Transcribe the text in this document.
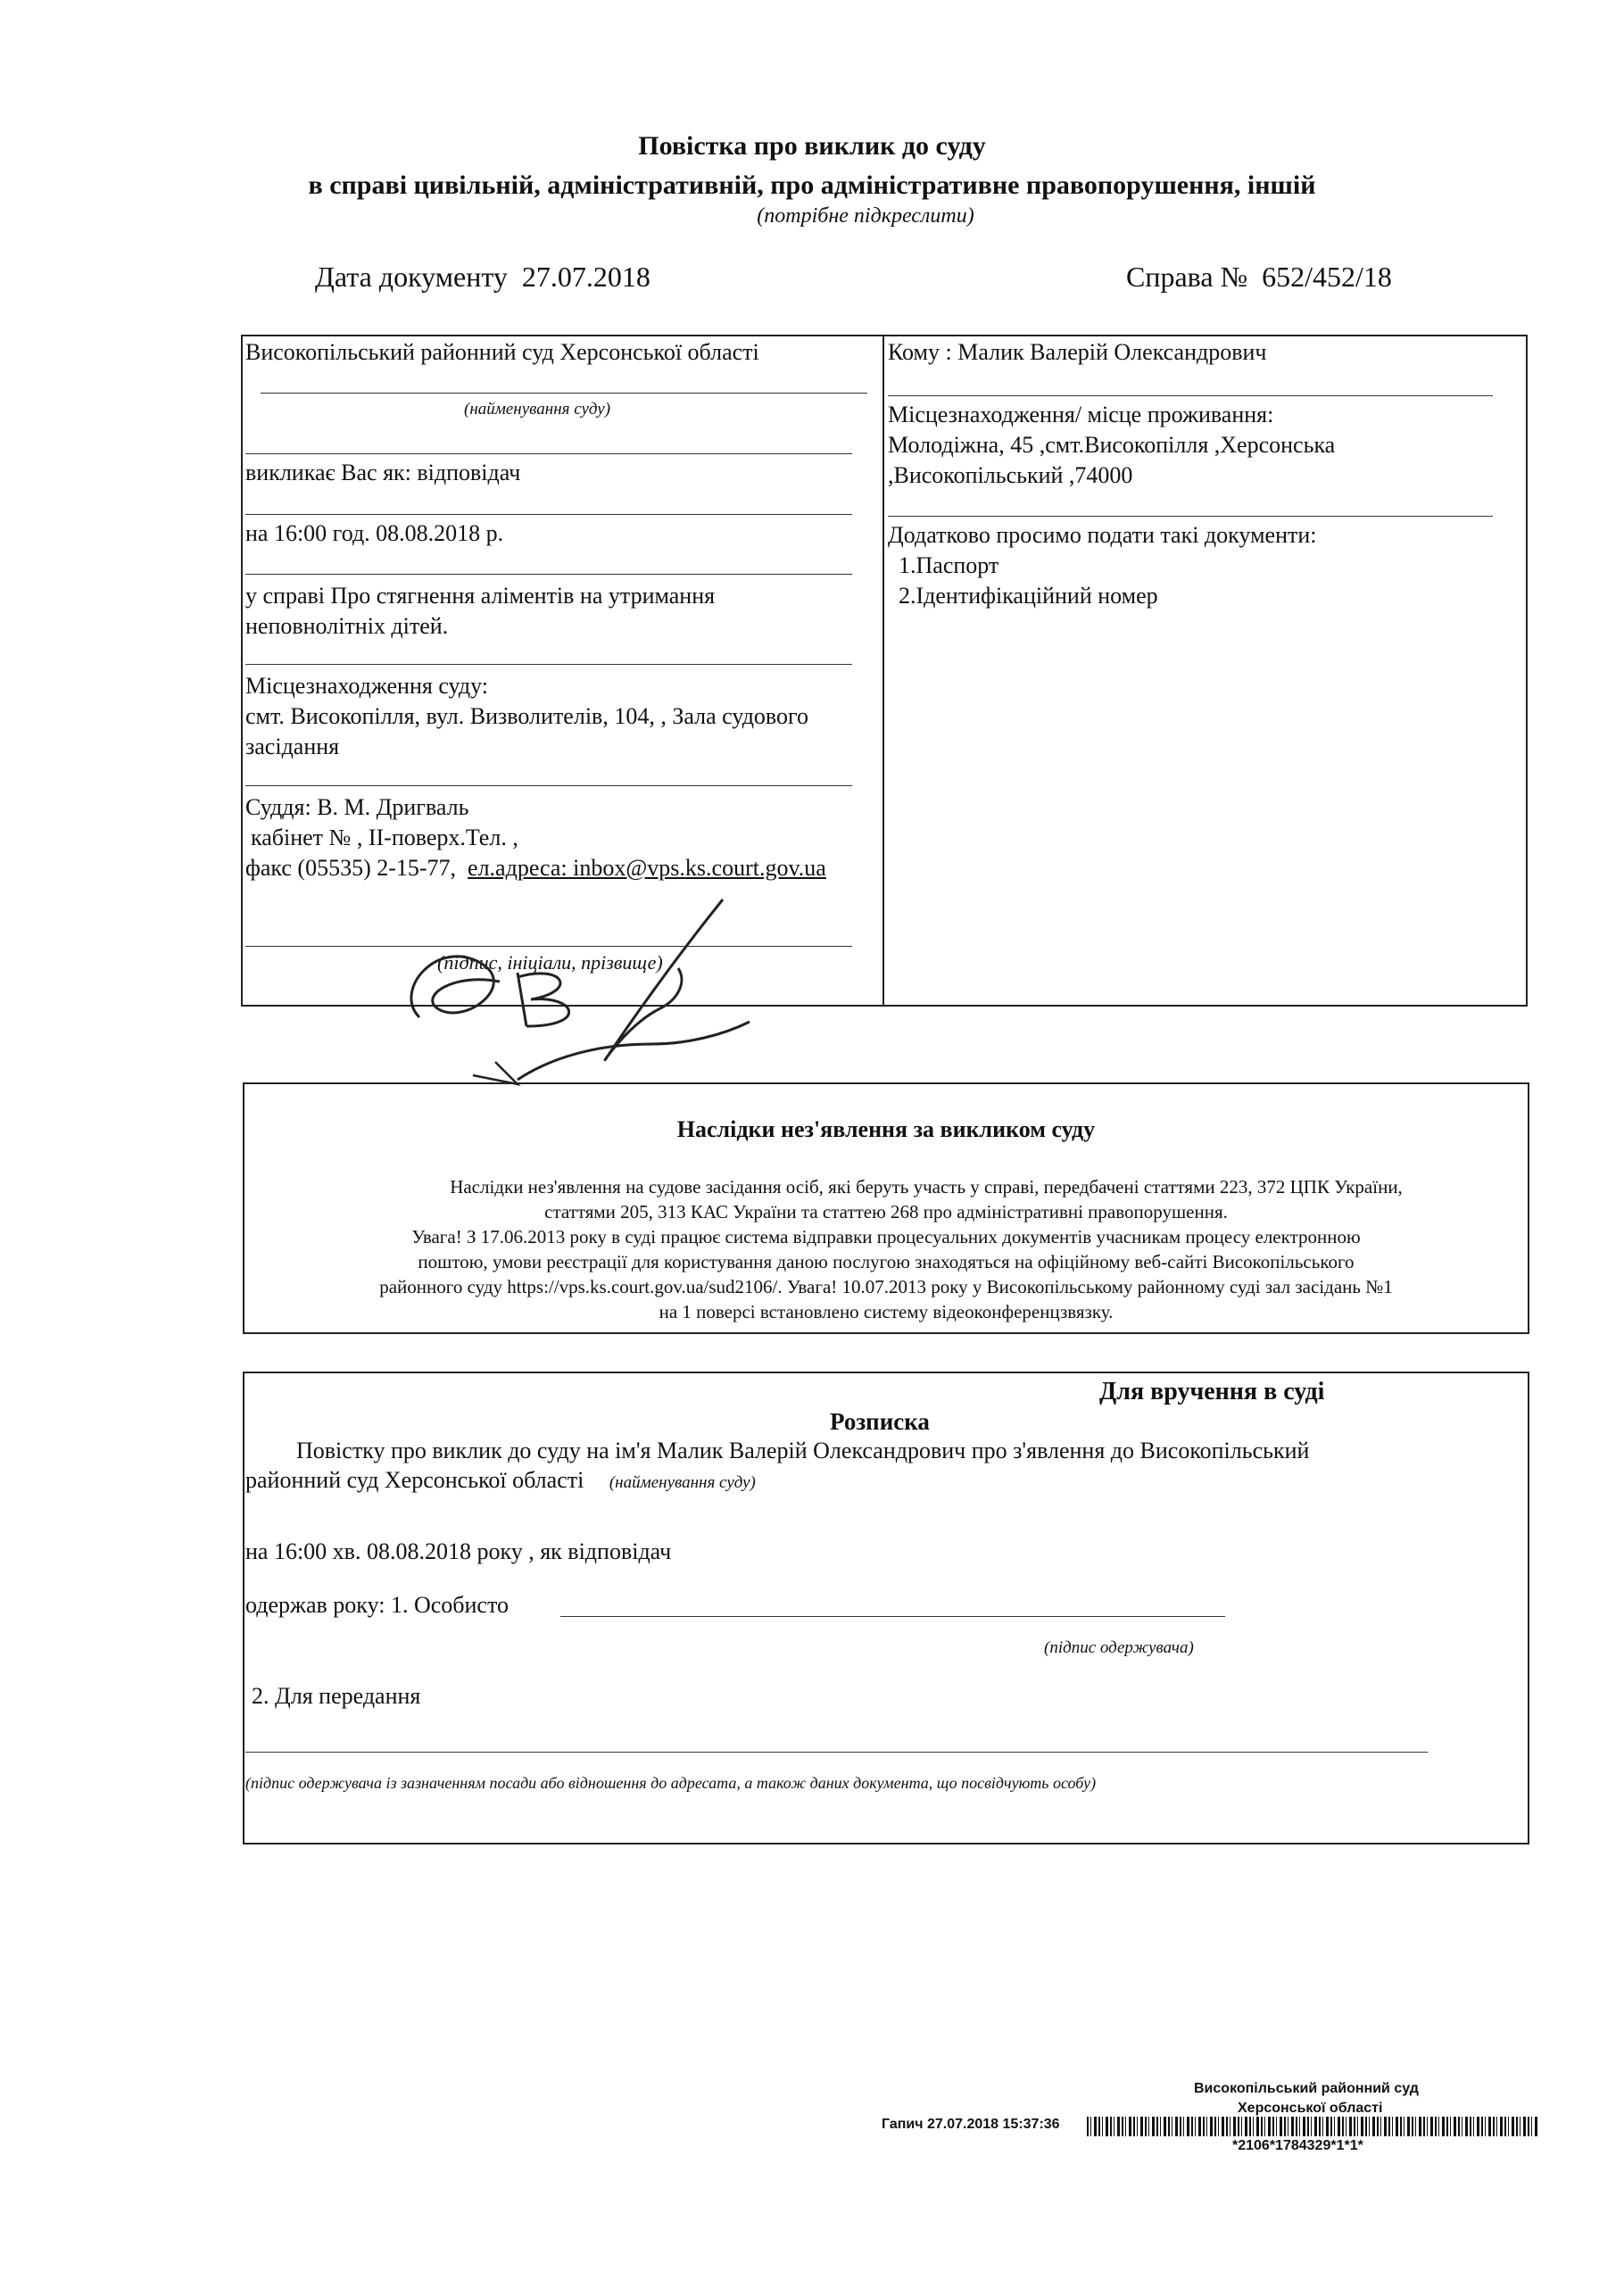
Повістка про виклик до суду
в справі цивільній, адміністративній, про адміністративне правопорушення, іншій
(потрібне підкреслити)
Дата документу 27.07.2018	Справа № 652/452/18
Високопільський районний суд Херсонської області
(найменування суду)
викликає Вас як: відповідач
на 16:00 год. 08.08.2018 р.
у справі Про стягнення аліментів на утримання
неповнолітніх дітей.
Місцезнаходження суду:
смт. Високопілля, вул. Визволителів, 104, , Зала судового
засідання
Суддя: В. М. Дригваль
кабінет № , ІІ-поверх.Тел. ,
факс (05535) 2-15-77, ел.адреса: inbox@vps.ks.court.gov.ua
(підпис, ініціали, прізвище)
Кому : Малик Валерій Олександрович
Місцезнаходження/ місце проживання:
Молодіжна, 45 ,смт.Високопілля ,Херсонська
,Високопільський ,74000
Додатково просимо подати такі документи:
1.Паспорт
2.Ідентифікаційний номер
Наслідки нез'явлення за викликом суду
Наслідки нез'явлення на судове засідання осіб, які беруть участь у справі, передбачені статтями 223, 372 ЦПК України,
статтями 205, 313 КАС України та статтею 268 про адміністративні правопорушення.
Увага! З 17.06.2013 року в суді працює система відправки процесуальних документів учасникам процесу електронною
поштою, умови реєстрації для користування даною послугою знаходяться на офіційному веб-сайті Високопільського
районного суду https://vps.ks.court.gov.ua/sud2106/. Увага! 10.07.2013 року у Високопільському районному суді зал засідань №1
на 1 поверсі встановлено систему відеоконференцзвязку.
Для вручення в суді
Розписка
Повістку про виклик до суду на ім'я Малик Валерій Олександрович про з'явлення до Високопільський
районний суд Херсонської області (найменування суду)
на 16:00 хв. 08.08.2018 року , як відповідач
одержав року: 1. Особисто
(підпис одержувача)
2. Для передання
(підпис одержувача із зазначенням посади або відношення до адресата, а також даних документа, що посвідчують особу)
Високопільський районний суд
Херсонської області
Гапич 27.07.2018 15:37:36
*2106*1784329*1*1*
